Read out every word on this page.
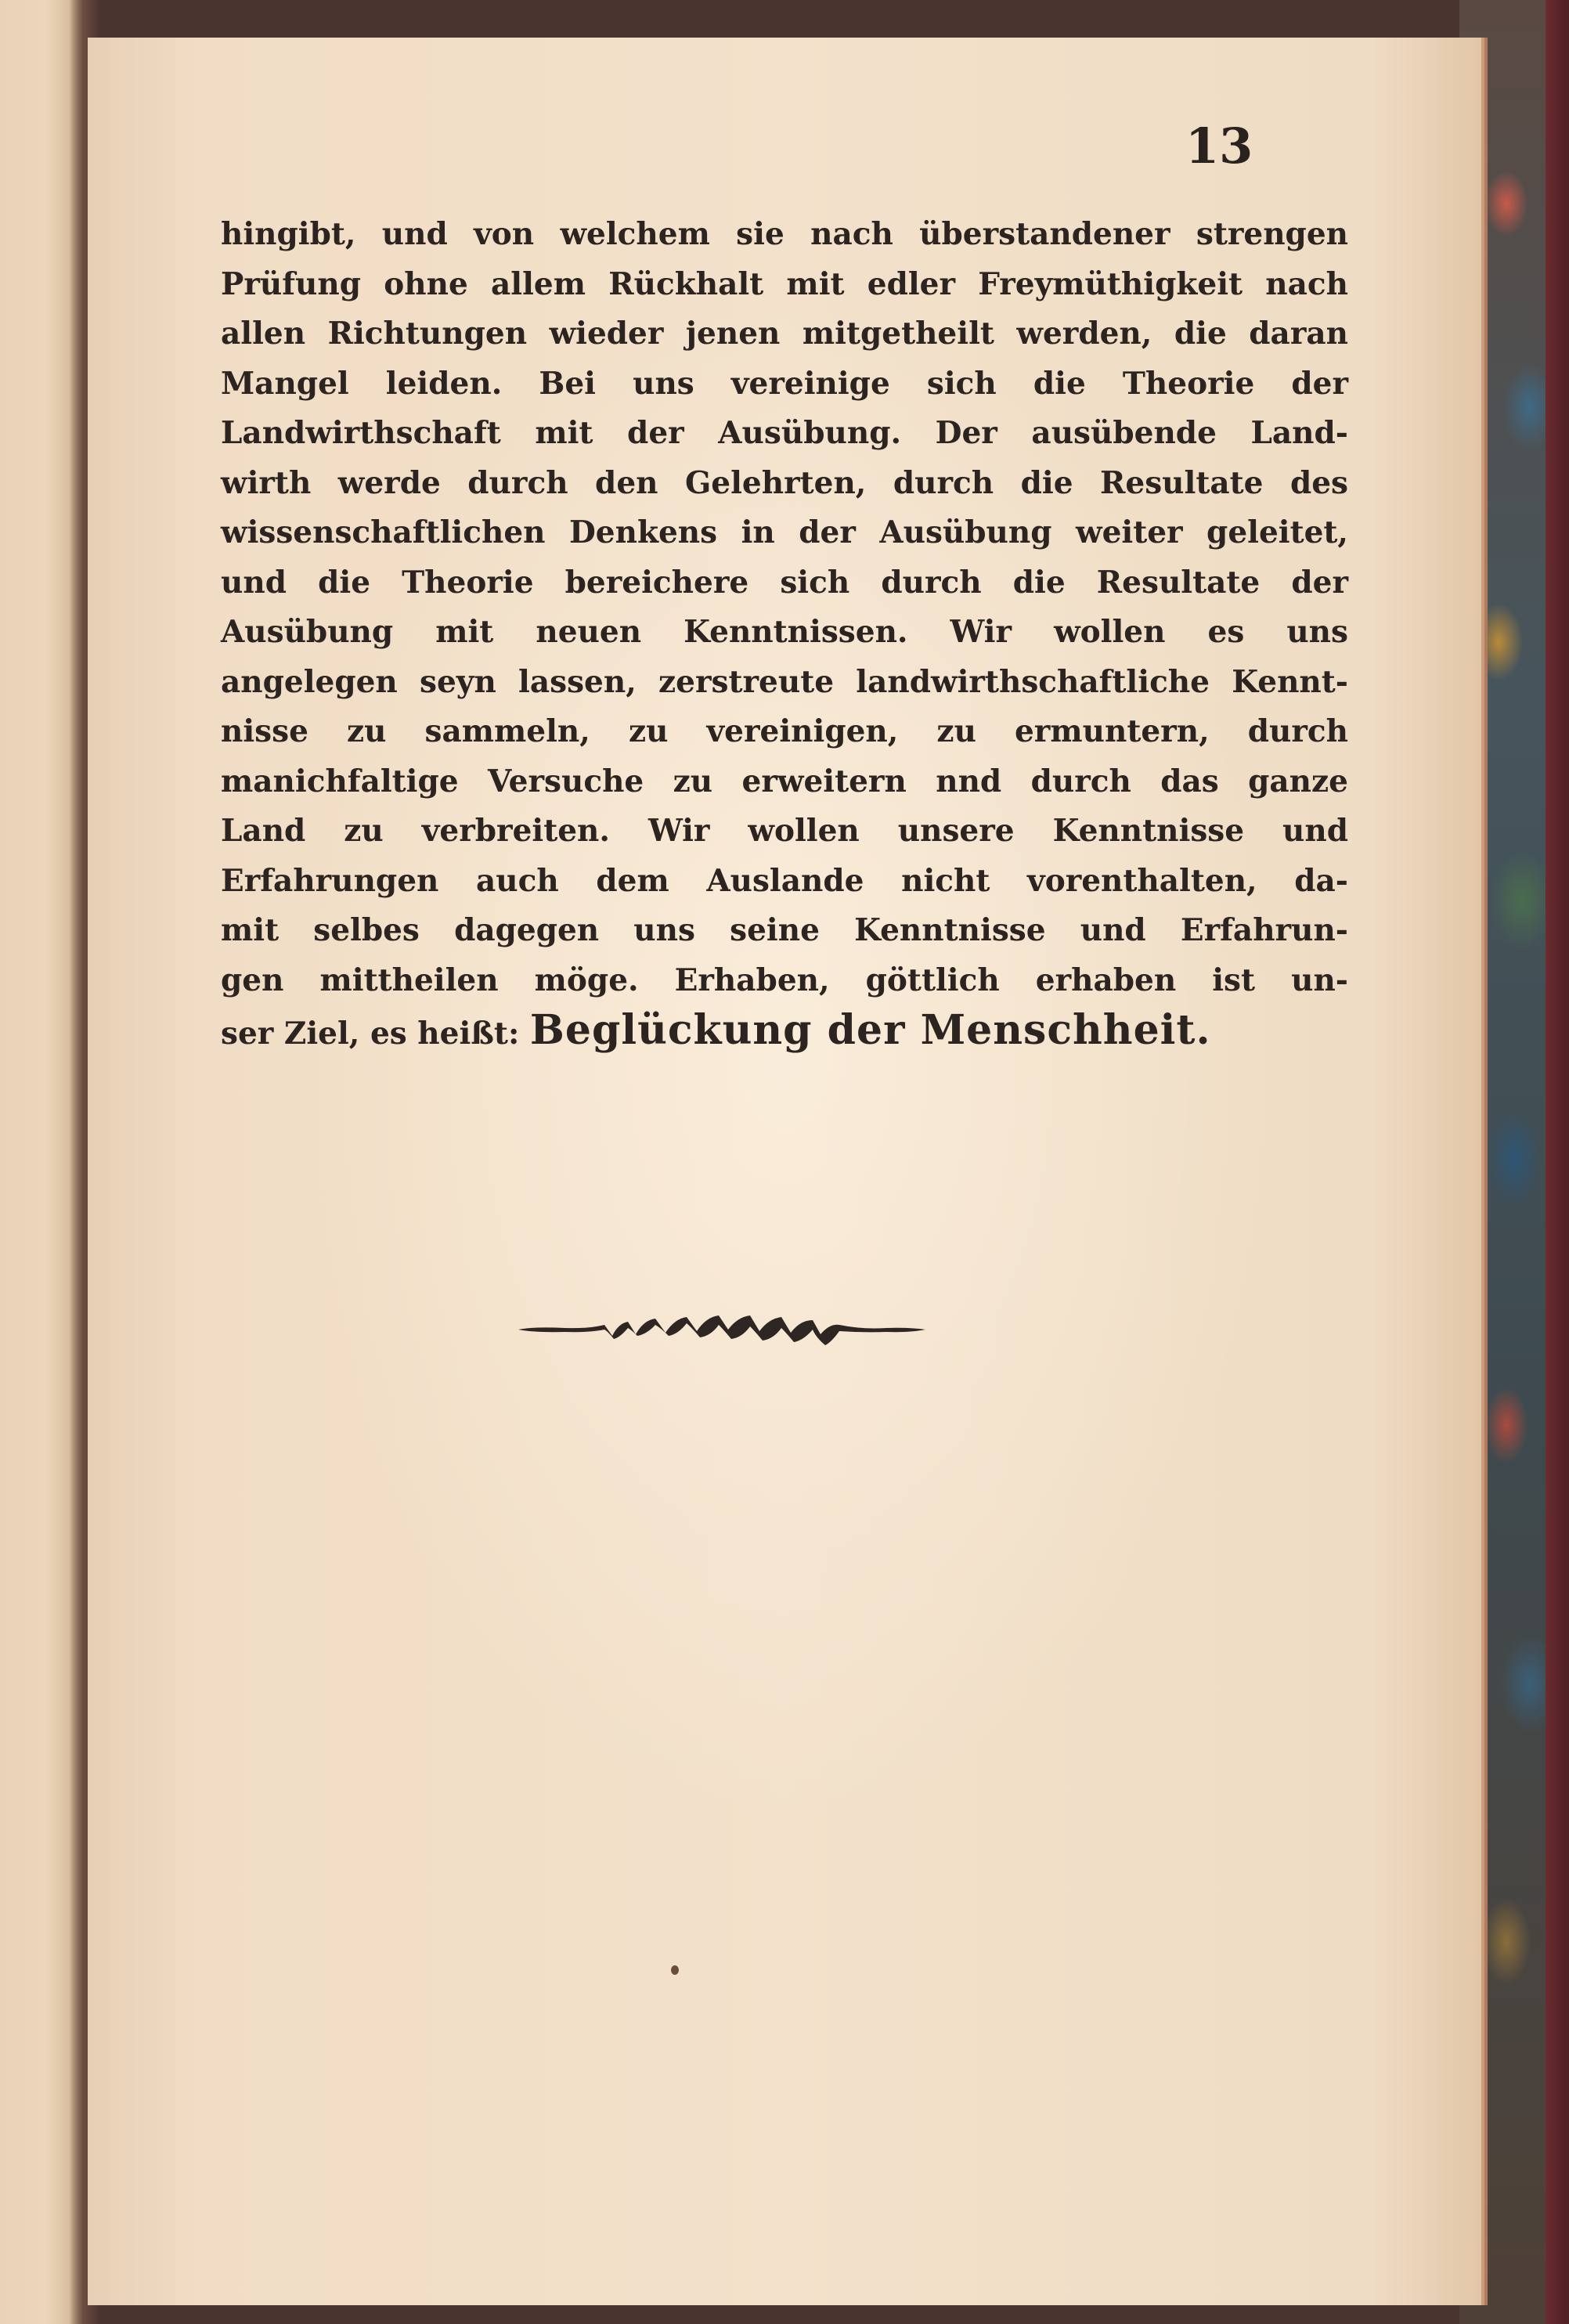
13
hingibt, und von welchem sie nach überstandener strengen
Prüfung ohne allem Rückhalt mit edler Freymüthigkeit nach
allen Richtungen wieder jenen mitgetheilt werden, die daran
Mangel leiden. Bei uns vereinige sich die Theorie der
Landwirthschaft mit der Ausübung. Der ausübende Land-
wirth werde durch den Gelehrten, durch die Resultate des
wissenschaftlichen Denkens in der Ausübung weiter geleitet,
und die Theorie bereichere sich durch die Resultate der
Ausübung mit neuen Kenntnissen. Wir wollen es uns
angelegen seyn lassen, zerstreute landwirthschaftliche Kennt-
nisse zu sammeln, zu vereinigen, zu ermuntern, durch
manichfaltige Versuche zu erweitern nnd durch das ganze
Land zu verbreiten. Wir wollen unsere Kenntnisse und
Erfahrungen auch dem Auslande nicht vorenthalten, da-
mit selbes dagegen uns seine Kenntnisse und Erfahrun-
gen mittheilen möge. Erhaben, göttlich erhaben ist un-
ser Ziel, es heißt: Beglückung der Menschheit.
